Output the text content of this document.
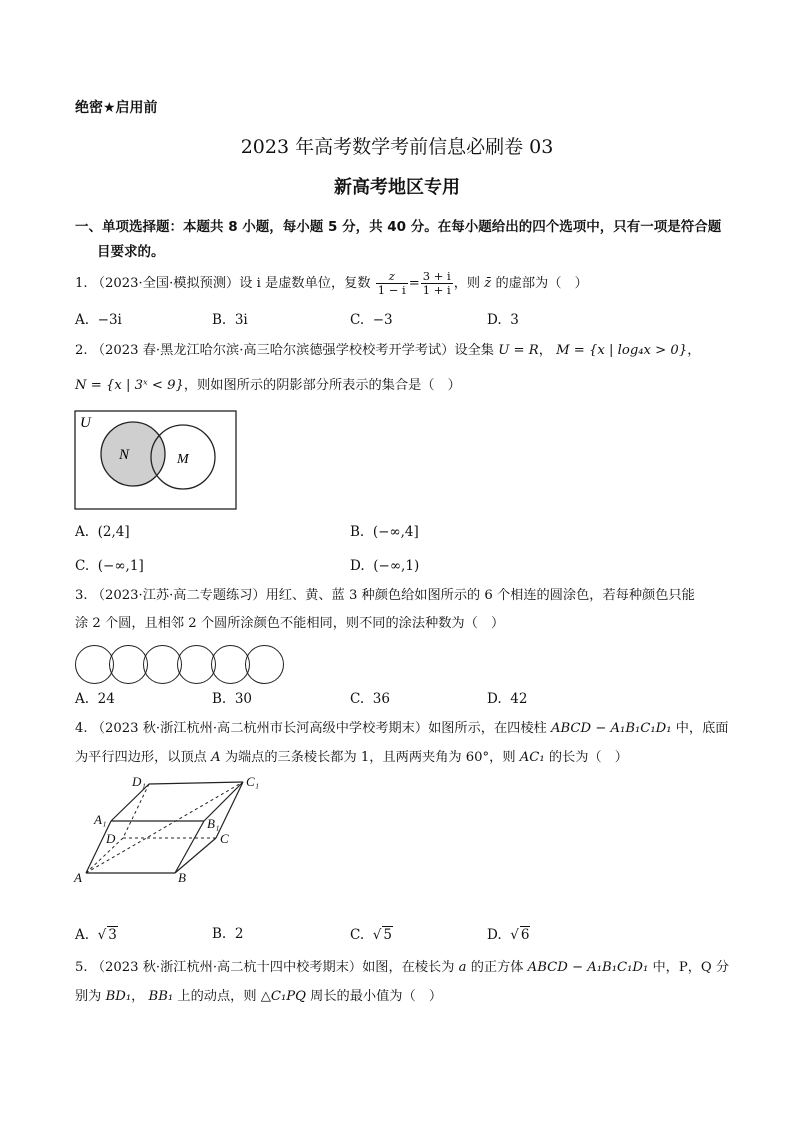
绝密★启用前
2023 年高考数学考前信息必刷卷 03
新高考地区专用
一、单项选择题：本题共 8 小题，每小题 5 分，共 40 分。在每小题给出的四个选项中，只有一项是符合题
目要求的。
1. （2023·全国·模拟预测）设 i 是虚数单位，复数 $\frac{z}{1 - i} = \frac{3 + i}{1 + i}$ ，则 z̄ 的虚部为（　）
A. −3i	B. 3i	C. −3	D. 3
2. （2023 春·黑龙江哈尔滨·高三哈尔滨德强学校校考开学考试）设全集 U = R， M = {x | log₄x > 0}，
N = {x | 3ˣ < 9}，则如图所示的阴影部分所表示的集合是（　）
U
N	M
A. (2,4]	B. (−∞,4]
C. (−∞,1]	D. (−∞,1)
3. （2023·江苏·高二专题练习）用红、黄、蓝 3 种颜色给如图所示的 6 个相连的圆涂色，若每种颜色只能
涂 2 个圆，且相邻 2 个圆所涂颜色不能相同，则不同的涂法种数为（　）
A. 24	B. 30	C. 36	D. 42
4. （2023 秋·浙江杭州·高二杭州市长河高级中学校考期末）如图所示，在四棱柱 ABCD − A₁B₁C₁D₁ 中，底面
为平行四边形，以顶点 A 为端点的三条棱长都为 1，且两两夹角为 60°，则 AC₁ 的长为（　）
D₁	C₁
A₁	B₁
D	C
A	B
A.  √ 3	B. 2	C.  √ 5	D.  √ 6
5. （2023 秋·浙江杭州·高二杭十四中校考期末）如图，在棱长为 a 的正方体 ABCD − A₁B₁C₁D₁ 中，P，Q 分
别为 BD₁， BB₁ 上的动点，则 △C₁PQ 周长的最小值为（　）
